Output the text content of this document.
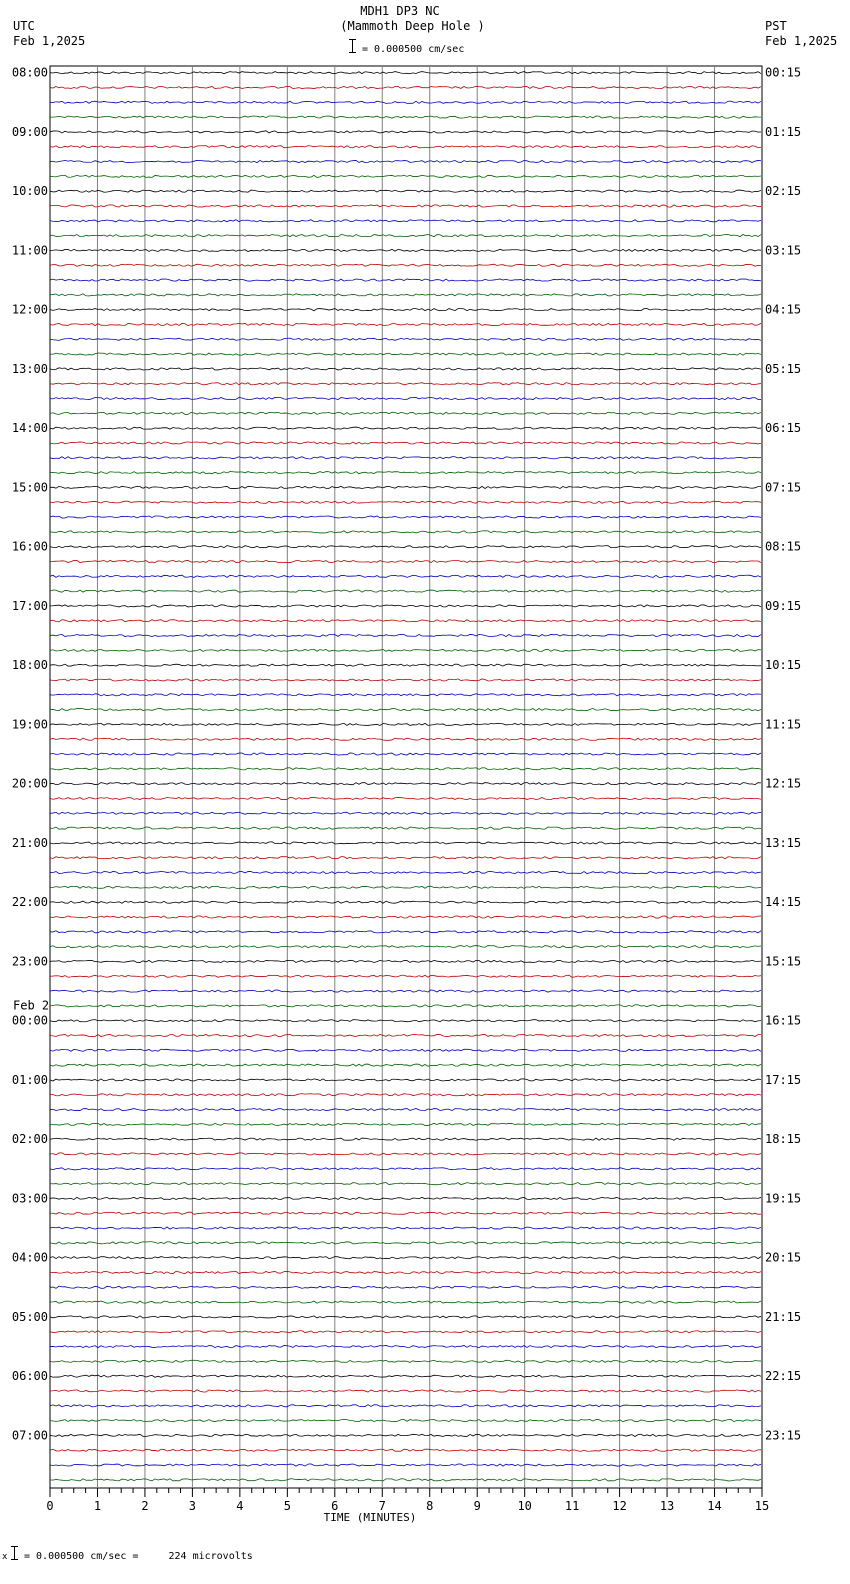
MDH1 DP3 NC
(Mammoth Deep Hole )
= 0.000500 cm/sec
UTC
Feb 1,2025
PST
Feb 1,2025
08:00
09:00
10:00
11:00
12:00
13:00
14:00
15:00
16:00
17:00
18:00
19:00
20:00
21:00
22:00
23:00
00:00
01:00
02:00
03:00
04:00
05:00
06:00
07:00
00:15
01:15
02:15
03:15
04:15
05:15
06:15
07:15
08:15
09:15
10:15
11:15
12:15
13:15
14:15
15:15
16:15
17:15
18:15
19:15
20:15
21:15
22:15
23:15
Feb 2
0	1	2	3	4	5	6	7	8	9	10	11	12	13	14	15
TIME (MINUTES)
x = 0.000500 cm/sec =     224 microvolts
